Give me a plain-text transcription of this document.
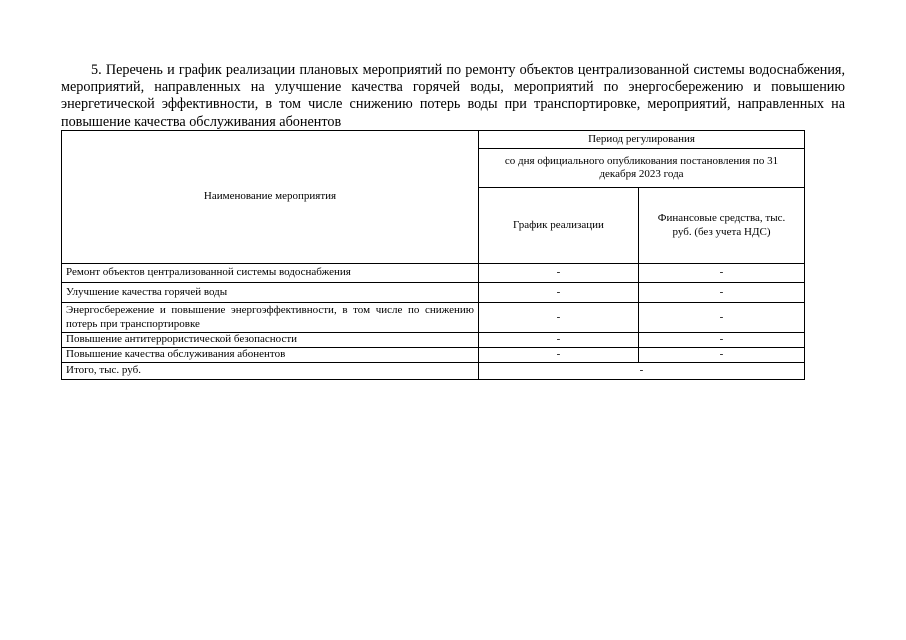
5. Перечень и график реализации плановых мероприятий по ремонту объектов централизованной системы водоснабжения, мероприятий, направленных на улучшение качества горячей воды, мероприятий по энергосбережению и повышению энергетической эффективности, в том числе снижению потерь воды при транспортировке, мероприятий, направленных на повышение качества обслуживания абонентов

Наименование мероприятия	Период регулирования	
	со дня официального опубликования постановления по 31 декабря 2023 года	
	График реализации	Финансовые средства, тыс. руб. (без учета НДС)
Ремонт объектов централизованной системы водоснабжения	-	-
Улучшение качества горячей воды	-	-
Энергосбережение и повышение энергоэффективности, в том числе по снижению потерь при транспортировке	-	-
Повышение антитеррористической безопасности	-	-
Повышение качества обслуживания абонентов	-	-
Итого, тыс. руб.	-	
